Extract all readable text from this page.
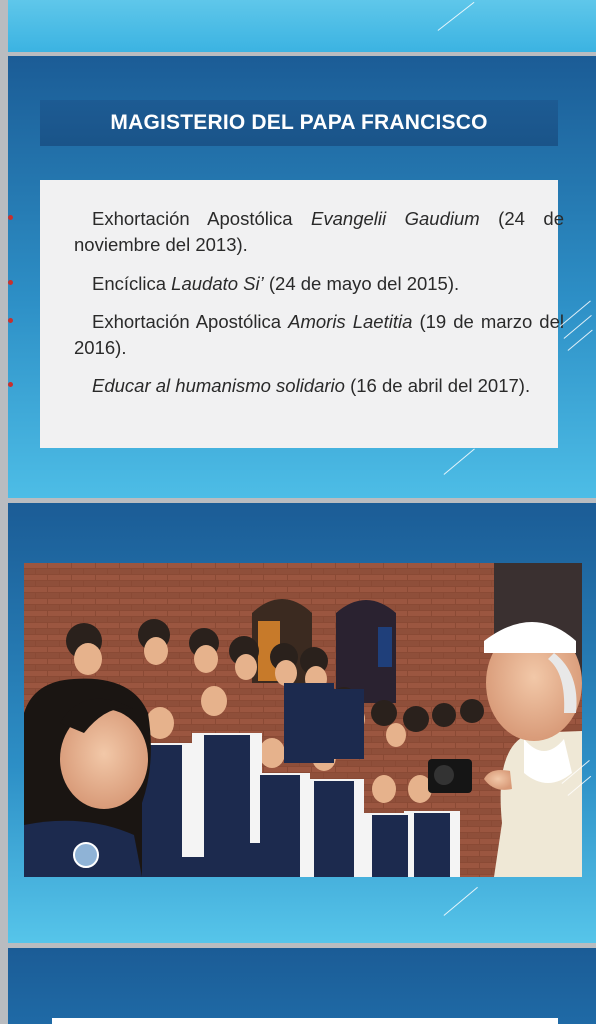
MAGISTERIO DEL PAPA FRANCISCO
Exhortación Apostólica Evangelii Gaudium (24 de noviembre del 2013).
Encíclica Laudato Si’ (24 de mayo del 2015).
Exhortación Apostólica Amoris Laetitia (19 de marzo del 2016).
Educar al humanismo solidario (16 de abril del 2017).
